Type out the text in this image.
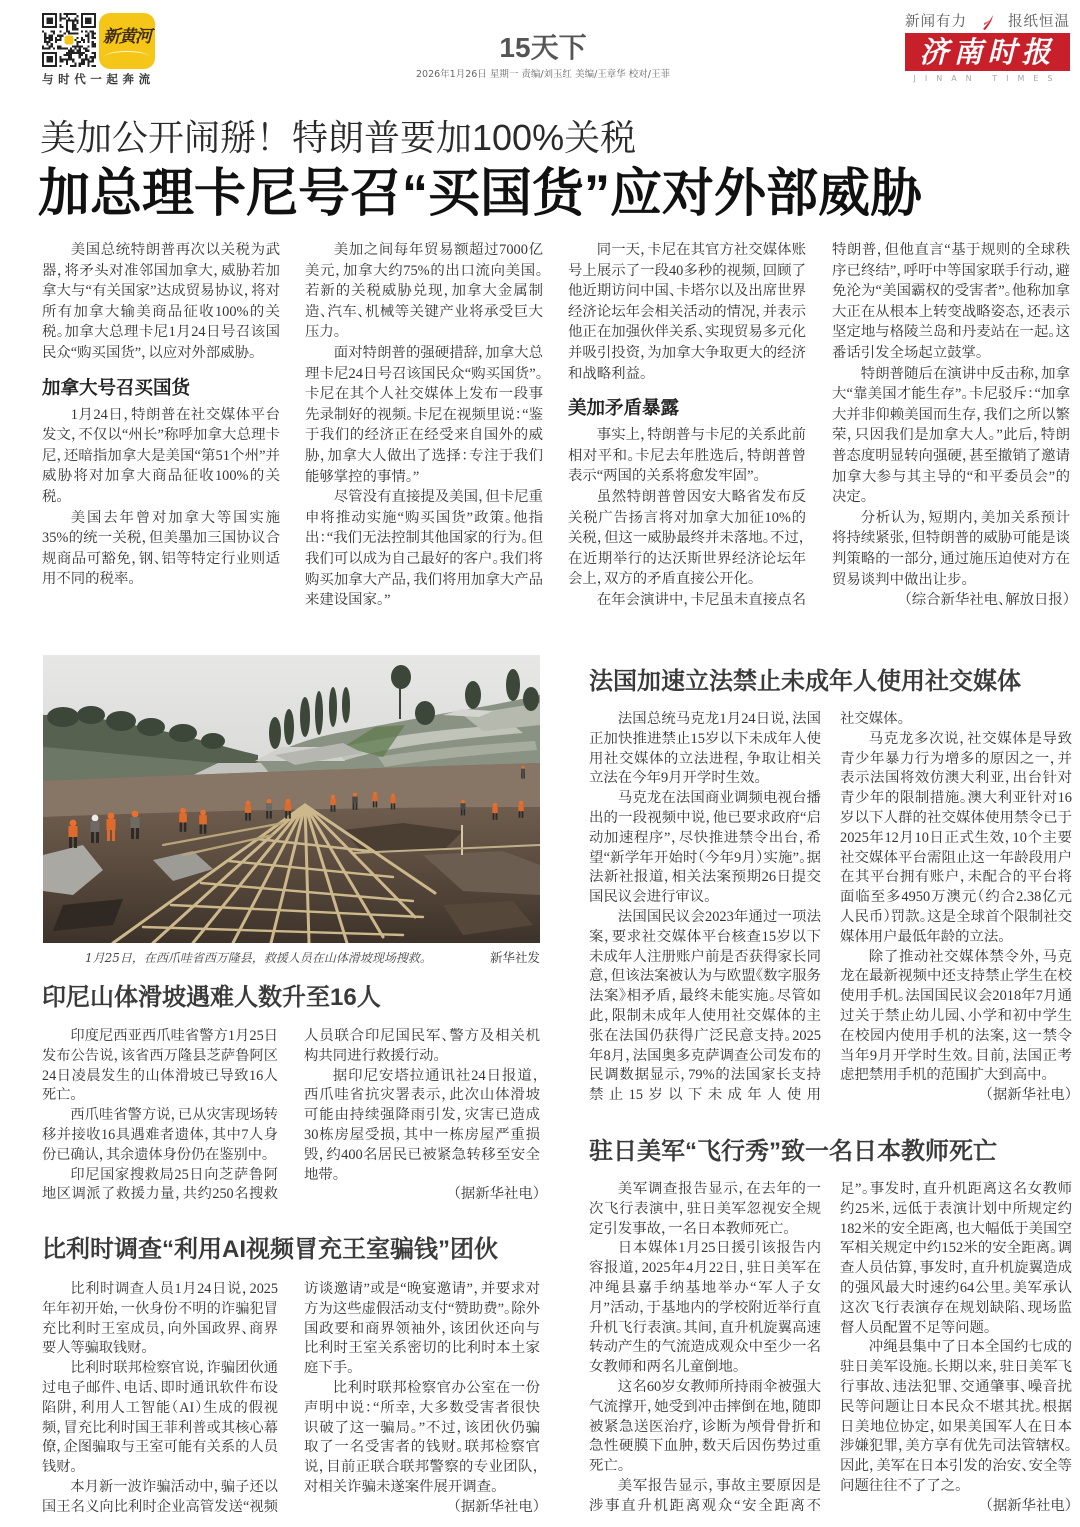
新黄河
与时代一起奔流
15天下
2026年1月26日 星期一 责编/刘玉红 美编/王章华 校对/王菲
新闻有力	报纸恒温
济南时报
JINAN TIMES
美加公开闹掰！特朗普要加100%关税
加总理卡尼号召“买国货”应对外部威胁

美国总统特朗普再次以关税为武器，将矛头对准邻国加拿大，威胁若加拿大与“有关国家”达成贸易协议，将对所有加拿大输美商品征收100%的关税。加拿大总理卡尼1月24日号召该国民众“购买国货”，以应对外部威胁。

加拿大号召买国货

1月24日，特朗普在社交媒体平台发文，不仅以“州长”称呼加拿大总理卡尼，还暗指加拿大是美国“第51个州”并威胁将对加拿大商品征收100%的关税。

美国去年曾对加拿大等国实施35%的统一关税，但美墨加三国协议合规商品可豁免，钢、铝等特定行业则适用不同的税率。

美加之间每年贸易额超过7000亿美元，加拿大约75%的出口流向美国。若新的关税威胁兑现，加拿大金属制造、汽车、机械等关键产业将承受巨大压力。

面对特朗普的强硬措辞，加拿大总理卡尼24日号召该国民众“购买国货”。卡尼在其个人社交媒体上发布一段事先录制好的视频。卡尼在视频里说：“鉴于我们的经济正在经受来自国外的威胁，加拿大人做出了选择：专注于我们能够掌控的事情。”

尽管没有直接提及美国，但卡尼重申将推动实施“购买国货”政策。他指出：“我们无法控制其他国家的行为。但我们可以成为自己最好的客户。我们将购买加拿大产品，我们将用加拿大产品来建设国家。”

同一天，卡尼在其官方社交媒体账号上展示了一段40多秒的视频，回顾了他近期访问中国、卡塔尔以及出席世界经济论坛年会相关活动的情况，并表示他正在加强伙伴关系、实现贸易多元化并吸引投资，为加拿大争取更大的经济和战略利益。

美加矛盾暴露

事实上，特朗普与卡尼的关系此前相对平和。卡尼去年胜选后，特朗普曾表示“两国的关系将愈发牢固”。

虽然特朗普曾因安大略省发布反关税广告扬言将对加拿大加征10%的关税，但这一威胁最终并未落地。不过，在近期举行的达沃斯世界经济论坛年会上，双方的矛盾直接公开化。

在年会演讲中，卡尼虽未直接点名

特朗普，但他直言“基于规则的全球秩序已终结”，呼吁中等国家联手行动，避免沦为“美国霸权的受害者”。他称加拿大正在从根本上转变战略姿态，还表示坚定地与格陵兰岛和丹麦站在一起。这番话引发全场起立鼓掌。

特朗普随后在演讲中反击称，加拿大“靠美国才能生存”。卡尼驳斥：“加拿大并非仰赖美国而生存，我们之所以繁荣，只因我们是加拿大人。”此后，特朗普态度明显转向强硬，甚至撤销了邀请加拿大参与其主导的“和平委员会”的决定。

分析认为，短期内，美加关系预计将持续紧张，但特朗普的威胁可能是谈判策略的一部分，通过施压迫使对方在贸易谈判中做出让步。

（综合新华社电、解放日报）

1月25日，在西爪哇省西万隆县，救援人员在山体滑坡现场搜救。	新华社发
印尼山体滑坡遇难人数升至16人

印度尼西亚西爪哇省警方1月25日发布公告说，该省西万隆县芝萨鲁阿区24日凌晨发生的山体滑坡已导致16人死亡。

西爪哇省警方说，已从灾害现场转移并接收16具遇难者遗体，其中7人身份已确认，其余遗体身份仍在鉴别中。

印尼国家搜救局25日向芝萨鲁阿地区调派了救援力量，共约250名搜救

人员联合印尼国民军、警方及相关机构共同进行救援行动。

据印尼安塔拉通讯社24日报道，西爪哇省抗灾署表示，此次山体滑坡可能由持续强降雨引发，灾害已造成30栋房屋受损，其中一栋房屋严重损毁，约400名居民已被紧急转移至安全地带。

（据新华社电）

比利时调查“利用AI视频冒充王室骗钱”团伙

比利时调查人员1月24日说，2025年年初开始，一伙身份不明的诈骗犯冒充比利时王室成员，向外国政界、商界要人等骗取钱财。

比利时联邦检察官说，诈骗团伙通过电子邮件、电话、即时通讯软件布设陷阱，利用人工智能（AI）生成的假视频，冒充比利时国王菲利普或其核心幕僚，企图骗取与王室可能有关系的人员钱财。

本月新一波诈骗活动中，骗子还以国王名义向比利时企业高管发送“视频

访谈邀请”或是“晚宴邀请”，并要求对方为这些虚假活动支付“赞助费”。除外国政要和商界领袖外，该团伙还向与比利时王室关系密切的比利时本土家庭下手。

比利时联邦检察官办公室在一份声明中说：“所幸，大多数受害者很快识破了这一骗局。”不过，该团伙仍骗取了一名受害者的钱财。联邦检察官说，目前正联合联邦警察的专业团队，对相关诈骗未遂案件展开调查。

（据新华社电）

法国加速立法禁止未成年人使用社交媒体

法国总统马克龙1月24日说，法国正加快推进禁止15岁以下未成年人使用社交媒体的立法进程，争取让相关立法在今年9月开学时生效。

马克龙在法国商业调频电视台播出的一段视频中说，他已要求政府“启动加速程序”，尽快推进禁令出台，希望“新学年开始时（今年9月）实施”。据法新社报道，相关法案预期26日提交国民议会进行审议。

法国国民议会2023年通过一项法案，要求社交媒体平台核查15岁以下未成年人注册账户前是否获得家长同意，但该法案被认为与欧盟《数字服务法案》相矛盾，最终未能实施。尽管如此，限制未成年人使用社交媒体的主张在法国仍获得广泛民意支持。2025年8月，法国奥多克萨调查公司发布的民调数据显示，79%的法国家长支持禁止15岁以下未成年人使用

社交媒体。

马克龙多次说，社交媒体是导致青少年暴力行为增多的原因之一，并表示法国将效仿澳大利亚，出台针对青少年的限制措施。澳大利亚针对16岁以下人群的社交媒体使用禁令已于2025年12月10日正式生效，10个主要社交媒体平台需阻止这一年龄段用户在其平台拥有账户，未配合的平台将面临至多4950万澳元（约合2.38亿元人民币）罚款。这是全球首个限制社交媒体用户最低年龄的立法。

除了推动社交媒体禁令外，马克龙在最新视频中还支持禁止学生在校使用手机。法国国民议会2018年7月通过关于禁止幼儿园、小学和初中学生在校园内使用手机的法案，这一禁令当年9月开学时生效。目前，法国正考虑把禁用手机的范围扩大到高中。

（据新华社电）

驻日美军“飞行秀”致一名日本教师死亡

美军调查报告显示，在去年的一次飞行表演中，驻日美军忽视安全规定引发事故，一名日本教师死亡。

日本媒体1月25日援引该报告内容报道，2025年4月22日，驻日美军在冲绳县嘉手纳基地举办“军人子女月”活动，于基地内的学校附近举行直升机飞行表演。其间，直升机旋翼高速转动产生的气流造成观众中至少一名女教师和两名儿童倒地。

这名60岁女教师所持雨伞被强大气流撑开，她受到冲击摔倒在地，随即被紧急送医治疗，诊断为颅骨骨折和急性硬膜下血肿，数天后因伤势过重死亡。

美军报告显示，事故主要原因是涉事直升机距离观众“安全距离不

足”。事发时，直升机距离这名女教师约25米，远低于表演计划中所规定约182米的安全距离，也大幅低于美国空军相关规定中约152米的安全距离。调查人员估算，事发时，直升机旋翼造成的强风最大时速约64公里。美军承认这次飞行表演存在规划缺陷、现场监督人员配置不足等问题。

冲绳县集中了日本全国约七成的驻日美军设施。长期以来，驻日美军飞行事故、违法犯罪、交通肇事、噪音扰民等问题让日本民众不堪其扰。根据日美地位协定，如果美国军人在日本涉嫌犯罪，美方享有优先司法管辖权。因此，美军在日本引发的治安、安全等问题往往不了了之。

（据新华社电）
